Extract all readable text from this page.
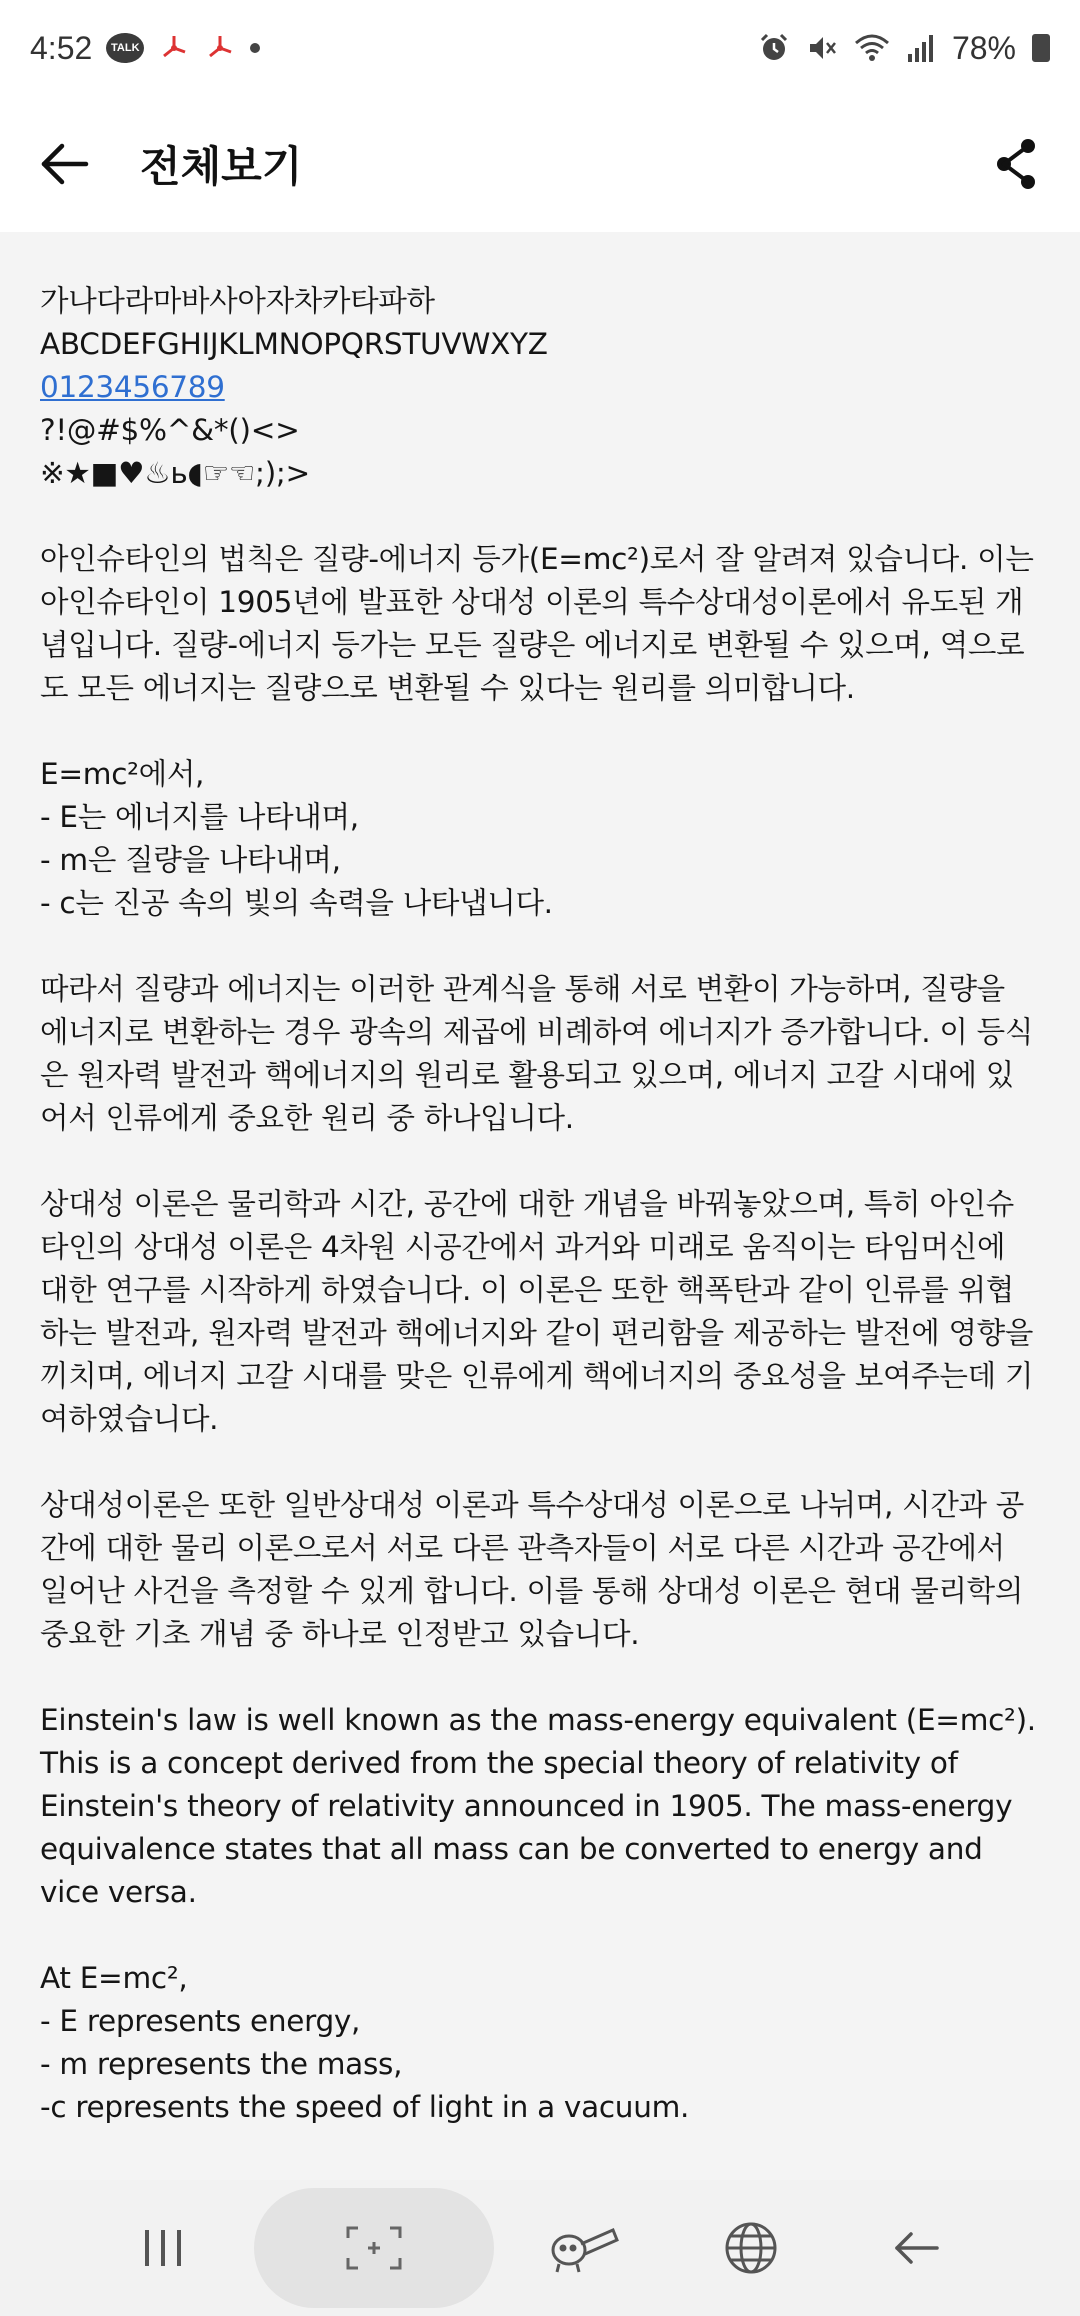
4:52	TALK	78%
전체보기

가나다라마바사아자차카타파하

ABCDEFGHIJKLMNOPQRSTUVWXYZ

0123456789

?!@#$%^&*()<>

※★■♥♨ь◖☞☜;);>

아인슈타인의 법칙은 질량-에너지 등가(E=mc²)로서 잘 알려져 있습니다. 이는 아인슈타인이 1905년에 발표한 상대성 이론의 특수상대성이론에서 유도된 개념입니다. 질량-에너지 등가는 모든 질량은 에너지로 변환될 수 있으며, 역으로도 모든 에너지는 질량으로 변환될 수 있다는 원리를 의미합니다.

E=mc²에서,

- E는 에너지를 나타내며,

- m은 질량을 나타내며,

- c는 진공 속의 빛의 속력을 나타냅니다.

따라서 질량과 에너지는 이러한 관계식을 통해 서로 변환이 가능하며, 질량을 에너지로 변환하는 경우 광속의 제곱에 비례하여 에너지가 증가합니다. 이 등식은 원자력 발전과 핵에너지의 원리로 활용되고 있으며, 에너지 고갈 시대에 있어서 인류에게 중요한 원리 중 하나입니다.

상대성 이론은 물리학과 시간, 공간에 대한 개념을 바꿔놓았으며, 특히 아인슈타인의 상대성 이론은 4차원 시공간에서 과거와 미래로 움직이는 타임머신에 대한 연구를 시작하게 하였습니다. 이 이론은 또한 핵폭탄과 같이 인류를 위협하는 발전과, 원자력 발전과 핵에너지와 같이 편리함을 제공하는 발전에 영향을 끼치며, 에너지 고갈 시대를 맞은 인류에게 핵에너지의 중요성을 보여주는데 기여하였습니다.

상대성이론은 또한 일반상대성 이론과 특수상대성 이론으로 나뉘며, 시간과 공간에 대한 물리 이론으로서 서로 다른 관측자들이 서로 다른 시간과 공간에서 일어난 사건을 측정할 수 있게 합니다. 이를 통해 상대성 이론은 현대 물리학의 중요한 기초 개념 중 하나로 인정받고 있습니다.

Einstein's law is well known as the mass-energy equivalent (E=mc²). This is a concept derived from the special theory of relativity of Einstein's theory of relativity announced in 1905. The mass-energy equivalence states that all mass can be converted to energy and vice versa.

At E=mc²,

- E represents energy,

- m represents the mass,

-c represents the speed of light in a vacuum.
